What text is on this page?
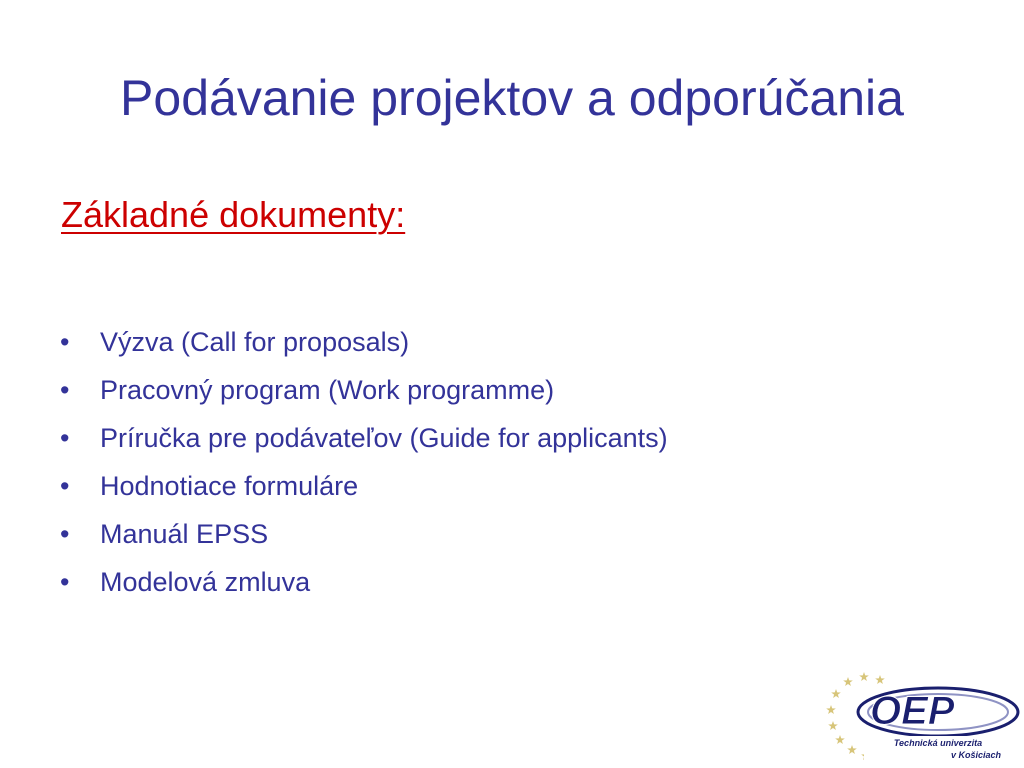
Podávanie projektov a odporúčania
Základné dokumenty:
• Výzva (Call for proposals)
• Pracovný program (Work programme)
• Príručka pre podávateľov (Guide for applicants)
• Hodnotiace formuláre
• Manuál EPSS
• Modelová zmluva
OEP
Technická univerzita
v Košiciach
